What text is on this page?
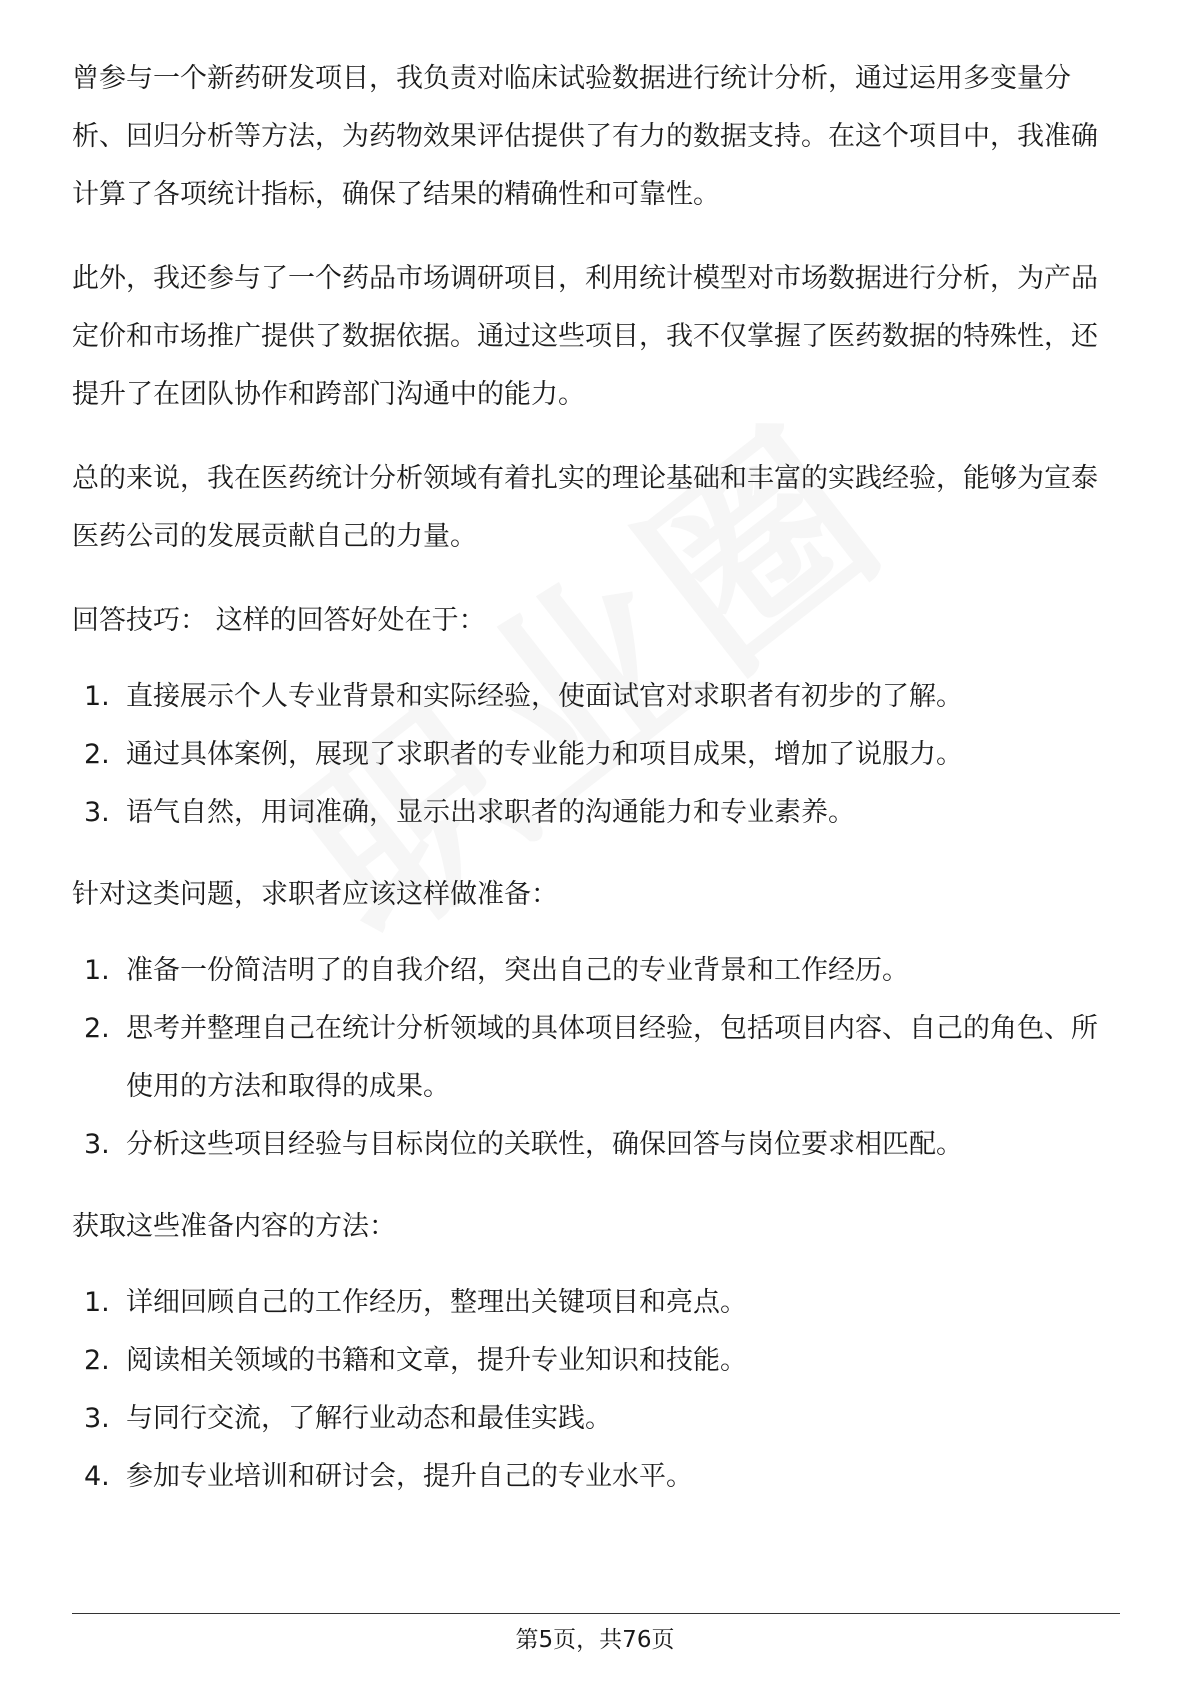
曾参与一个新药研发项目，我负责对临床试验数据进行统计分析，通过运用多变量分析、回归分析等方法，为药物效果评估提供了有力的数据支持。在这个项目中，我准确计算了各项统计指标，确保了结果的精确性和可靠性。

此外，我还参与了一个药品市场调研项目，利用统计模型对市场数据进行分析，为产品定价和市场推广提供了数据依据。通过这些项目，我不仅掌握了医药数据的特殊性，还提升了在团队协作和跨部门沟通中的能力。

总的来说，我在医药统计分析领域有着扎实的理论基础和丰富的实践经验，能够为宣泰医药公司的发展贡献自己的力量。

回答技巧： 这样的回答好处在于：

1. 直接展示个人专业背景和实际经验，使面试官对求职者有初步的了解。
2. 通过具体案例，展现了求职者的专业能力和项目成果，增加了说服力。
3. 语气自然，用词准确，显示出求职者的沟通能力和专业素养。

针对这类问题，求职者应该这样做准备：

1. 准备一份简洁明了的自我介绍，突出自己的专业背景和工作经历。
2. 思考并整理自己在统计分析领域的具体项目经验，包括项目内容、自己的角色、所使用的方法和取得的成果。
3. 分析这些项目经验与目标岗位的关联性，确保回答与岗位要求相匹配。

获取这些准备内容的方法：

1. 详细回顾自己的工作经历，整理出关键项目和亮点。
2. 阅读相关领域的书籍和文章，提升专业知识和技能。
3. 与同行交流，了解行业动态和最佳实践。
4. 参加专业培训和研讨会，提升自己的专业水平。
第5页，共76页
